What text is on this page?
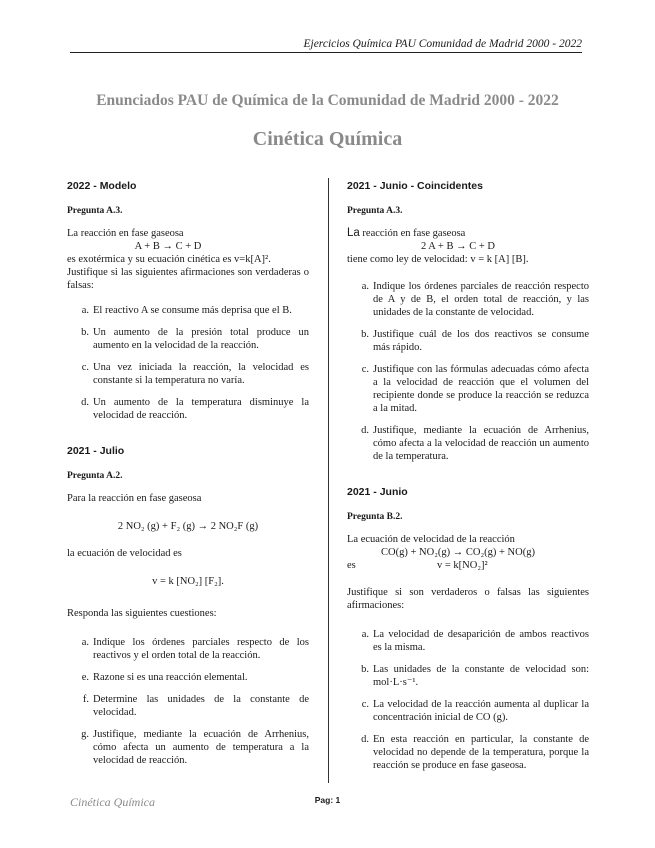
Ejercicios Química PAU Comunidad de Madrid 2000 - 2022
Enunciados PAU de Química de la Comunidad de Madrid 2000 - 2022
Cinética Química
2022 - Modelo
Pregunta A.3.

La reacción en fase gaseosa

A + B → C + D

es exotérmica y su ecuación cinética es v=k[A]².

Justifique si las siguientes afirmaciones son verdaderas o falsas:

a. El reactivo A se consume más deprisa que el B.
b. Un aumento de la presión total produce un aumento en la velocidad de la reacción.
c. Una vez iniciada la reacción, la velocidad es constante si la temperatura no varía.
d. Un aumento de la temperatura disminuye la velocidad de reacción.
2021 - Julio
Pregunta A.2.

Para la reacción en fase gaseosa

2 NO₂ (g) + F₂ (g) → 2 NO₂F (g)

la ecuación de velocidad es

v = k [NO₂] [F₂].

Responda las siguientes cuestiones:

a. Indique los órdenes parciales respecto de los reactivos y el orden total de la reacción.
e. Razone si es una reacción elemental.
f. Determine las unidades de la constante de velocidad.
g. Justifique, mediante la ecuación de Arrhenius, cómo afecta un aumento de temperatura a la velocidad de reacción.
2021 - Junio - Coincidentes
Pregunta A.3.

La reacción en fase gaseosa

2 A + B → C + D

tiene como ley de velocidad: v = k [A] [B].

a. Indique los órdenes parciales de reacción respecto de A y de B, el orden total de reacción, y las unidades de la constante de velocidad.
b. Justifique cuál de los dos reactivos se consume más rápido.
c. Justifique con las fórmulas adecuadas cómo afecta a la velocidad de reacción que el volumen del recipiente donde se produce la reacción se reduzca a la mitad.
d. Justifique, mediante la ecuación de Arrhenius, cómo afecta a la velocidad de reacción un aumento de la temperatura.
2021 - Junio
Pregunta B.2.

La ecuación de velocidad de la reacción

CO(g) + NO₂(g) → CO₂(g) + NO(g)

es	v = k[NO₂]²

Justifique si son verdaderos o falsas las siguientes afirmaciones:

a. La velocidad de desaparición de ambos reactivos es la misma.
b. Las unidades de la constante de velocidad son: mol·L·s⁻¹.
c. La velocidad de la reacción aumenta al duplicar la concentración inicial de CO (g).
d. En esta reacción en particular, la constante de velocidad no depende de la temperatura, porque la reacción se produce en fase gaseosa.
Cinética Química	Pag: 1
